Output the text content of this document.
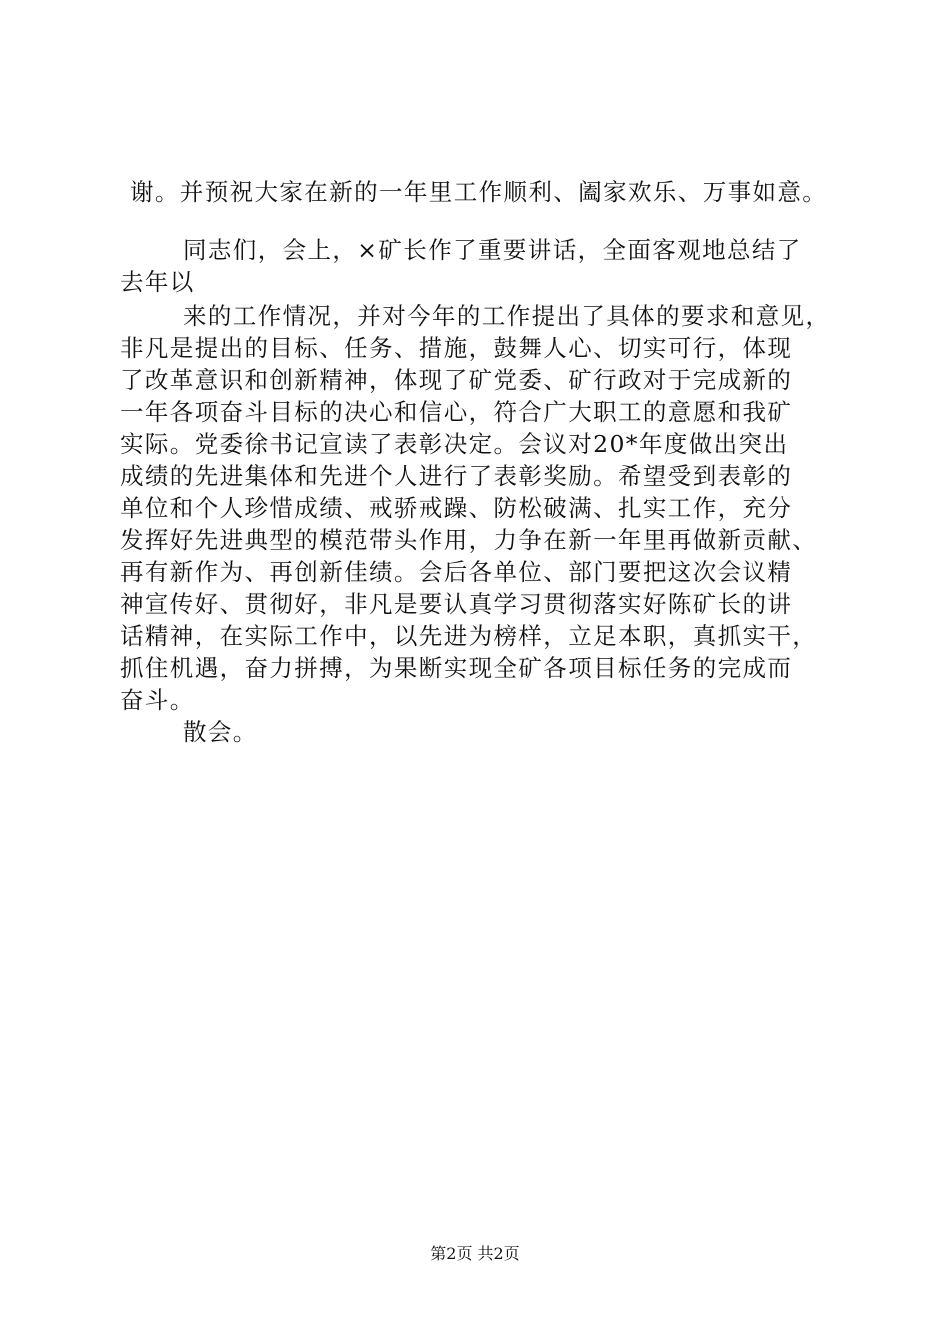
谢。并预祝大家在新的一年里工作顺利、阖家欢乐、万事如意。
同志们，会上，×矿长作了重要讲话，全面客观地总结了
去年以
来的工作情况，并对今年的工作提出了具体的要求和意见，
非凡是提出的目标、任务、措施，鼓舞人心、切实可行，体现
了改革意识和创新精神，体现了矿党委、矿行政对于完成新的
一年各项奋斗目标的决心和信心，符合广大职工的意愿和我矿
实际。党委徐书记宣读了表彰决定。会议对20*年度做出突出
成绩的先进集体和先进个人进行了表彰奖励。希望受到表彰的
单位和个人珍惜成绩、戒骄戒躁、防松破满、扎实工作，充分
发挥好先进典型的模范带头作用，力争在新一年里再做新贡献、
再有新作为、再创新佳绩。会后各单位、部门要把这次会议精
神宣传好、贯彻好，非凡是要认真学习贯彻落实好陈矿长的讲
话精神，在实际工作中，以先进为榜样，立足本职，真抓实干，
抓住机遇，奋力拼搏，为果断实现全矿各项目标任务的完成而
奋斗。
散会。
第2页 共2页
